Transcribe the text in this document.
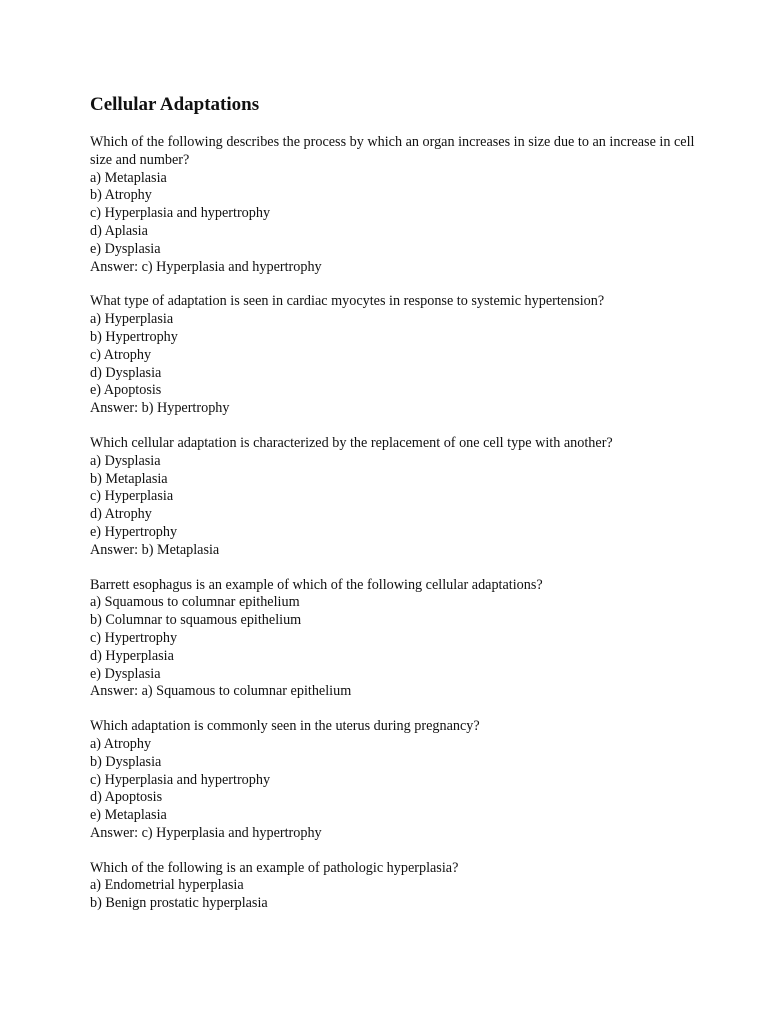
Cellular Adaptations
Which of the following describes the process by which an organ increases in size due to an increase in cell size and number?
a) Metaplasia
b) Atrophy
c) Hyperplasia and hypertrophy
d) Aplasia
e) Dysplasia
Answer: c) Hyperplasia and hypertrophy
What type of adaptation is seen in cardiac myocytes in response to systemic hypertension?
a) Hyperplasia
b) Hypertrophy
c) Atrophy
d) Dysplasia
e) Apoptosis
Answer: b) Hypertrophy
Which cellular adaptation is characterized by the replacement of one cell type with another?
a) Dysplasia
b) Metaplasia
c) Hyperplasia
d) Atrophy
e) Hypertrophy
Answer: b) Metaplasia
Barrett esophagus is an example of which of the following cellular adaptations?
a) Squamous to columnar epithelium
b) Columnar to squamous epithelium
c) Hypertrophy
d) Hyperplasia
e) Dysplasia
Answer: a) Squamous to columnar epithelium
Which adaptation is commonly seen in the uterus during pregnancy?
a) Atrophy
b) Dysplasia
c) Hyperplasia and hypertrophy
d) Apoptosis
e) Metaplasia
Answer: c) Hyperplasia and hypertrophy
Which of the following is an example of pathologic hyperplasia?
a) Endometrial hyperplasia
b) Benign prostatic hyperplasia
